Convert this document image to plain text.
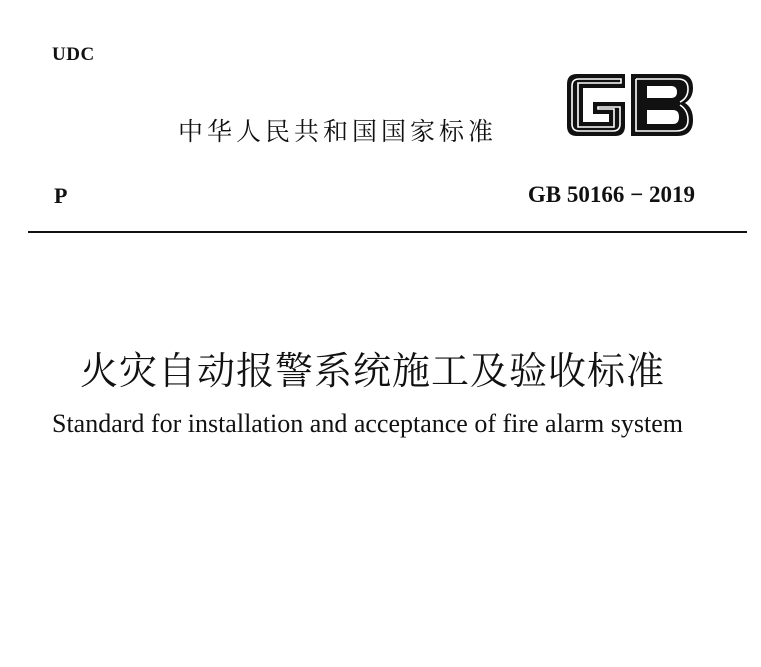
UDC
中华人民共和国国家标准
P	GB 50166 − 2019
火灾自动报警系统施工及验收标准
Standard for installation and acceptance of fire alarm system
